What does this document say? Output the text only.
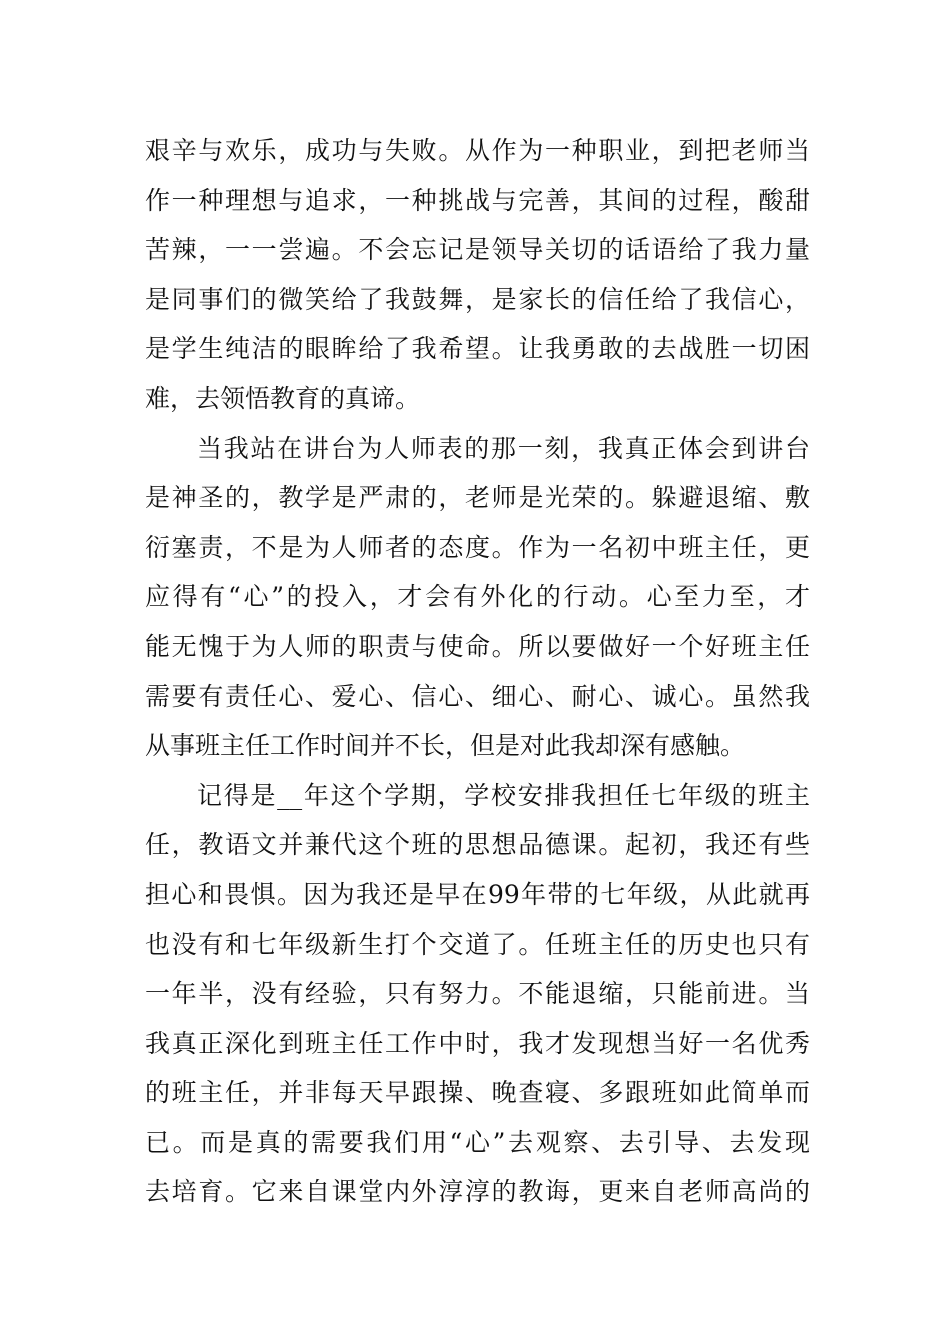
艰辛与欢乐，成功与失败。从作为一种职业，到把老师当
作一种理想与追求，一种挑战与完善，其间的过程，酸甜
苦辣，一一尝遍。不会忘记是领导关切的话语给了我力量
是同事们的微笑给了我鼓舞，是家长的信任给了我信心，
是学生纯洁的眼眸给了我希望。让我勇敢的去战胜一切困
难，去领悟教育的真谛。
当我站在讲台为人师表的那一刻，我真正体会到讲台
是神圣的，教学是严肃的，老师是光荣的。躲避退缩、敷
衍塞责，不是为人师者的态度。作为一名初中班主任，更
应得有“心”的投入，才会有外化的行动。心至力至，才
能无愧于为人师的职责与使命。所以要做好一个好班主任
需要有责任心、爱心、信心、细心、耐心、诚心。虽然我
从事班主任工作时间并不长，但是对此我却深有感触。
记得是__年这个学期，学校安排我担任七年级的班主
任，教语文并兼代这个班的思想品德课。起初，我还有些
担心和畏惧。因为我还是早在99年带的七年级，从此就再
也没有和七年级新生打个交道了。任班主任的历史也只有
一年半，没有经验，只有努力。不能退缩，只能前进。当
我真正深化到班主任工作中时，我才发现想当好一名优秀
的班主任，并非每天早跟操、晚查寝、多跟班如此简单而
已。而是真的需要我们用“心”去观察、去引导、去发现
去培育。它来自课堂内外淳淳的教诲，更来自老师高尚的
